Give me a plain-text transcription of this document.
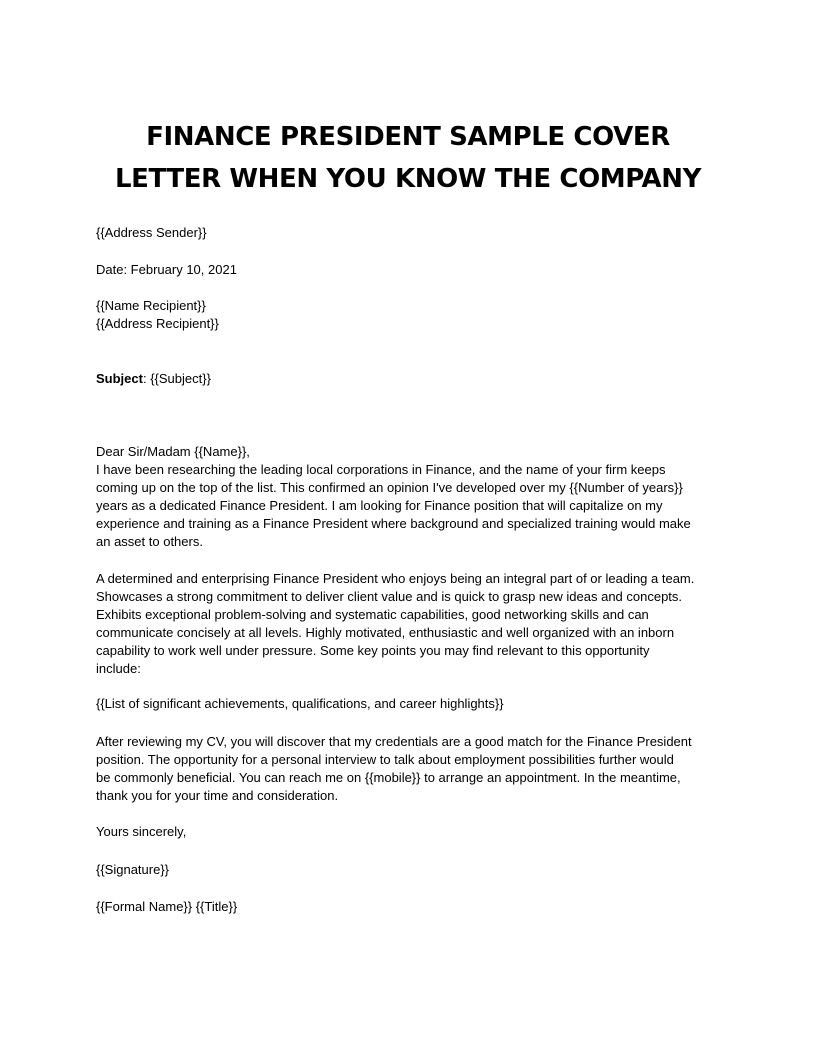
FINANCE PRESIDENT SAMPLE COVER
LETTER WHEN YOU KNOW THE COMPANY

{{Address Sender}}

Date: February 10, 2021

{{Name Recipient}}
{{Address Recipient}}

Subject: {{Subject}}

Dear Sir/Madam {{Name}},
I have been researching the leading local corporations in Finance, and the name of your firm keeps
coming up on the top of the list. This confirmed an opinion I've developed over my {{Number of years}}
years as a dedicated Finance President. I am looking for Finance position that will capitalize on my
experience and training as a Finance President where background and specialized training would make
an asset to others.

A determined and enterprising Finance President who enjoys being an integral part of or leading a team.
Showcases a strong commitment to deliver client value and is quick to grasp new ideas and concepts.
Exhibits exceptional problem-solving and systematic capabilities, good networking skills and can
communicate concisely at all levels. Highly motivated, enthusiastic and well organized with an inborn
capability to work well under pressure. Some key points you may find relevant to this opportunity
include:

{{List of significant achievements, qualifications, and career highlights}}

After reviewing my CV, you will discover that my credentials are a good match for the Finance President
position. The opportunity for a personal interview to talk about employment possibilities further would
be commonly beneficial. You can reach me on {{mobile}} to arrange an appointment. In the meantime,
thank you for your time and consideration.

Yours sincerely,

{{Signature}}

{{Formal Name}} {{Title}}
